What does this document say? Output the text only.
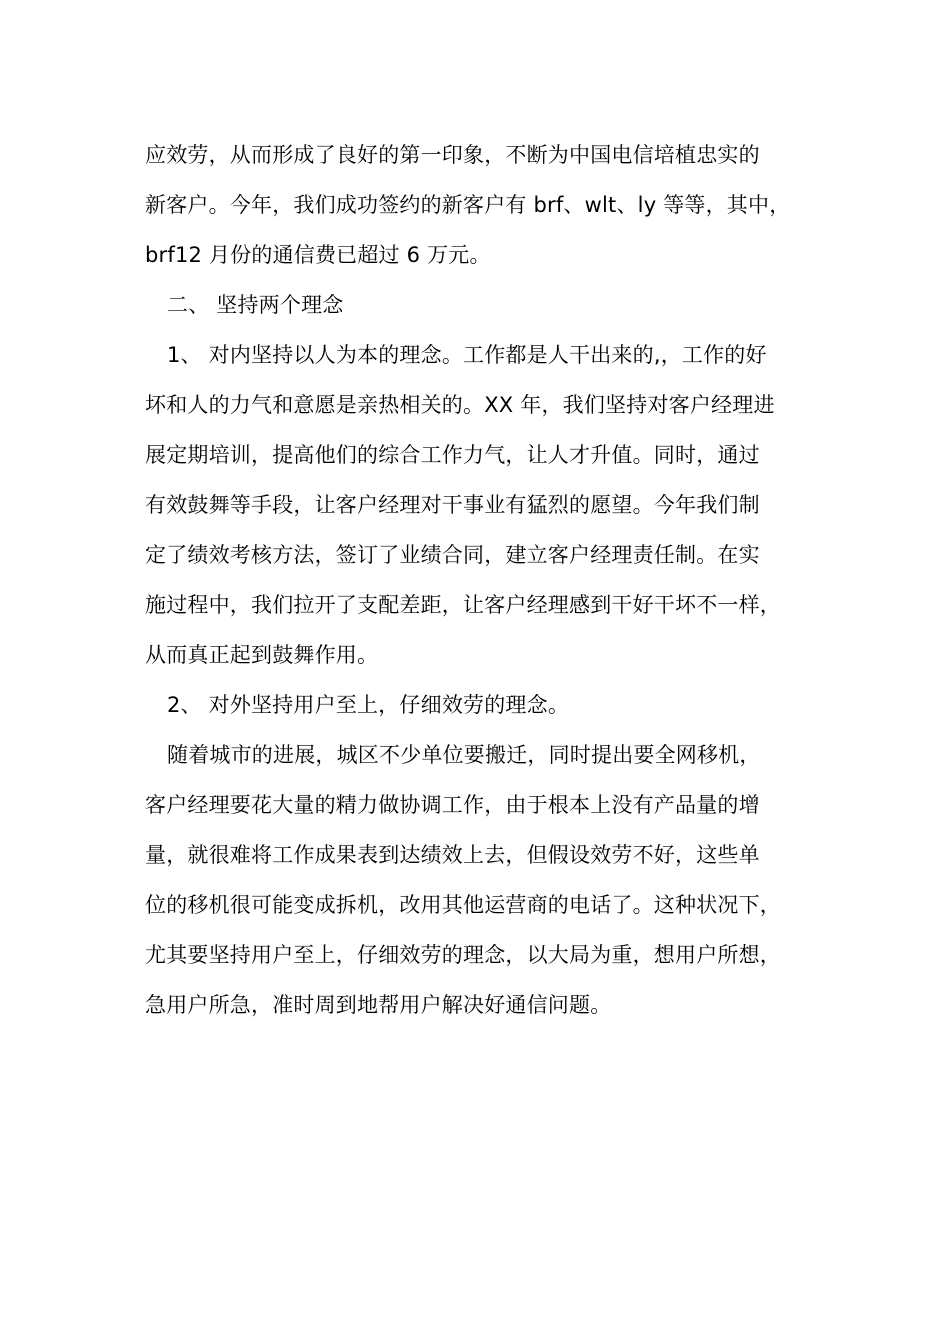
应效劳，从而形成了良好的第一印象，不断为中国电信培植忠实的
新客户。今年，我们成功签约的新客户有 brf、wlt、ly 等等，其中，
brf12 月份的通信费已超过 6 万元。
二、 坚持两个理念
1、 对内坚持以人为本的理念。工作都是人干出来的,，工作的好
坏和人的力气和意愿是亲热相关的。XX 年，我们坚持对客户经理进
展定期培训，提高他们的综合工作力气，让人才升值。同时，通过
有效鼓舞等手段，让客户经理对干事业有猛烈的愿望。今年我们制
定了绩效考核方法，签订了业绩合同，建立客户经理责任制。在实
施过程中，我们拉开了支配差距，让客户经理感到干好干坏不一样，
从而真正起到鼓舞作用。
2、 对外坚持用户至上，仔细效劳的理念。
随着城市的进展，城区不少单位要搬迁，同时提出要全网移机，
客户经理要花大量的精力做协调工作，由于根本上没有产品量的增
量，就很难将工作成果表到达绩效上去，但假设效劳不好，这些单
位的移机很可能变成拆机，改用其他运营商的电话了。这种状况下，
尤其要坚持用户至上，仔细效劳的理念，以大局为重，想用户所想，
急用户所急，准时周到地帮用户解决好通信问题。
